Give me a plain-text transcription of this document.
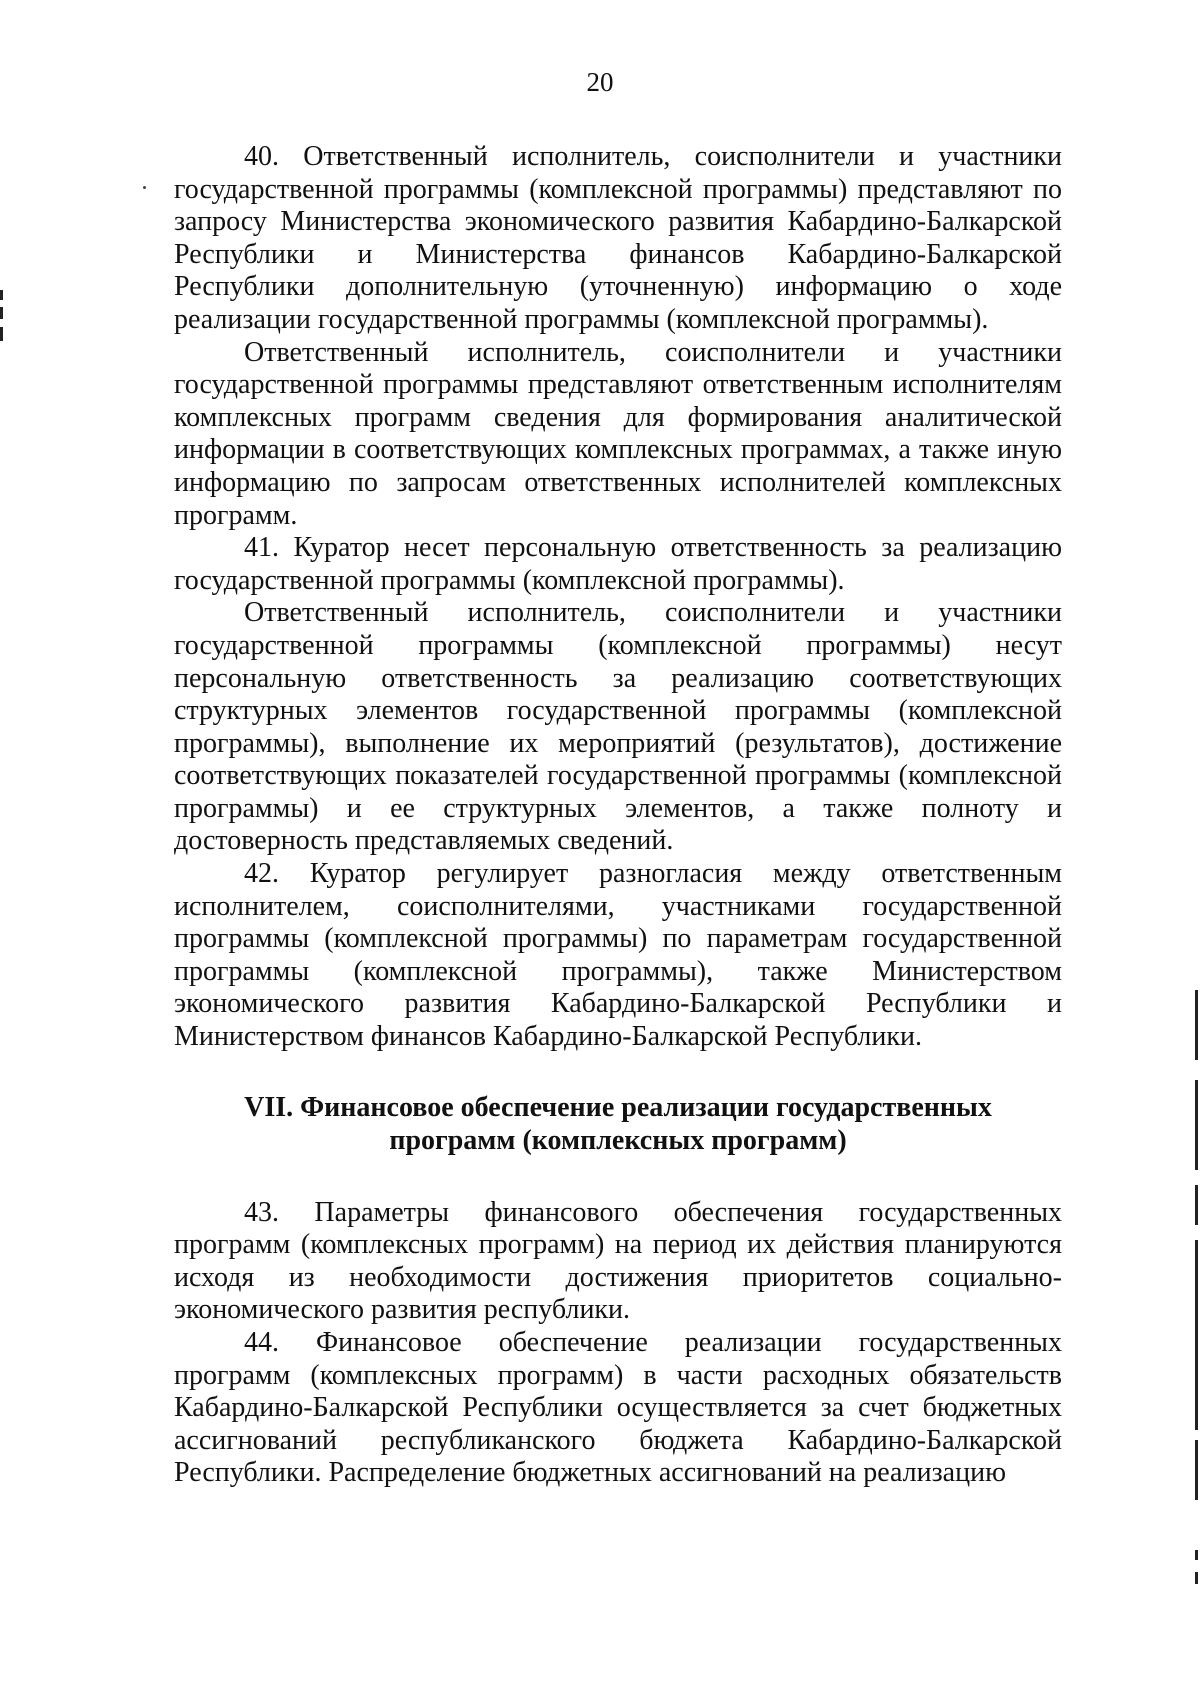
20

40. Ответственный исполнитель, соисполнители и участники государственной программы (комплексной программы) представляют по запросу Министерства экономического развития Кабардино-Балкарской Республики и Министерства финансов Кабардино-Балкарской Республики дополнительную (уточненную) информацию о ходе реализации государственной программы (комплексной программы).

Ответственный исполнитель, соисполнители и участники государственной программы представляют ответственным исполнителям комплексных программ сведения для формирования аналитической информации в соответствующих комплексных программах, а также иную информацию по запросам ответственных исполнителей комплексных программ.

41. Куратор несет персональную ответственность за реализацию государственной программы (комплексной программы).

Ответственный исполнитель, соисполнители и участники государственной программы (комплексной программы) несут персональную ответственность за реализацию соответствующих структурных элементов государственной программы (комплексной программы), выполнение их мероприятий (результатов), достижение соответствующих показателей государственной программы (комплексной программы) и ее структурных элементов, а также полноту и достоверность представляемых сведений.

42. Куратор регулирует разногласия между ответственным исполнителем, соисполнителями, участниками государственной программы (комплексной программы) по параметрам государственной программы (комплексной программы), также Министерством экономического развития Кабардино-Балкарской Республики и Министерством финансов Кабардино-Балкарской Республики.

VII. Финансовое обеспечение реализации государственных
программ (комплексных программ)

43. Параметры финансового обеспечения государственных программ (комплексных программ) на период их действия планируются исходя из необходимости достижения приоритетов социально-экономического развития республики.

44. Финансовое обеспечение реализации государственных программ (комплексных программ) в части расходных обязательств Кабардино-Балкарской Республики осуществляется за счет бюджетных ассигнований республиканского бюджета Кабардино-Балкарской Республики. Распределение бюджетных ассигнований на реализацию
